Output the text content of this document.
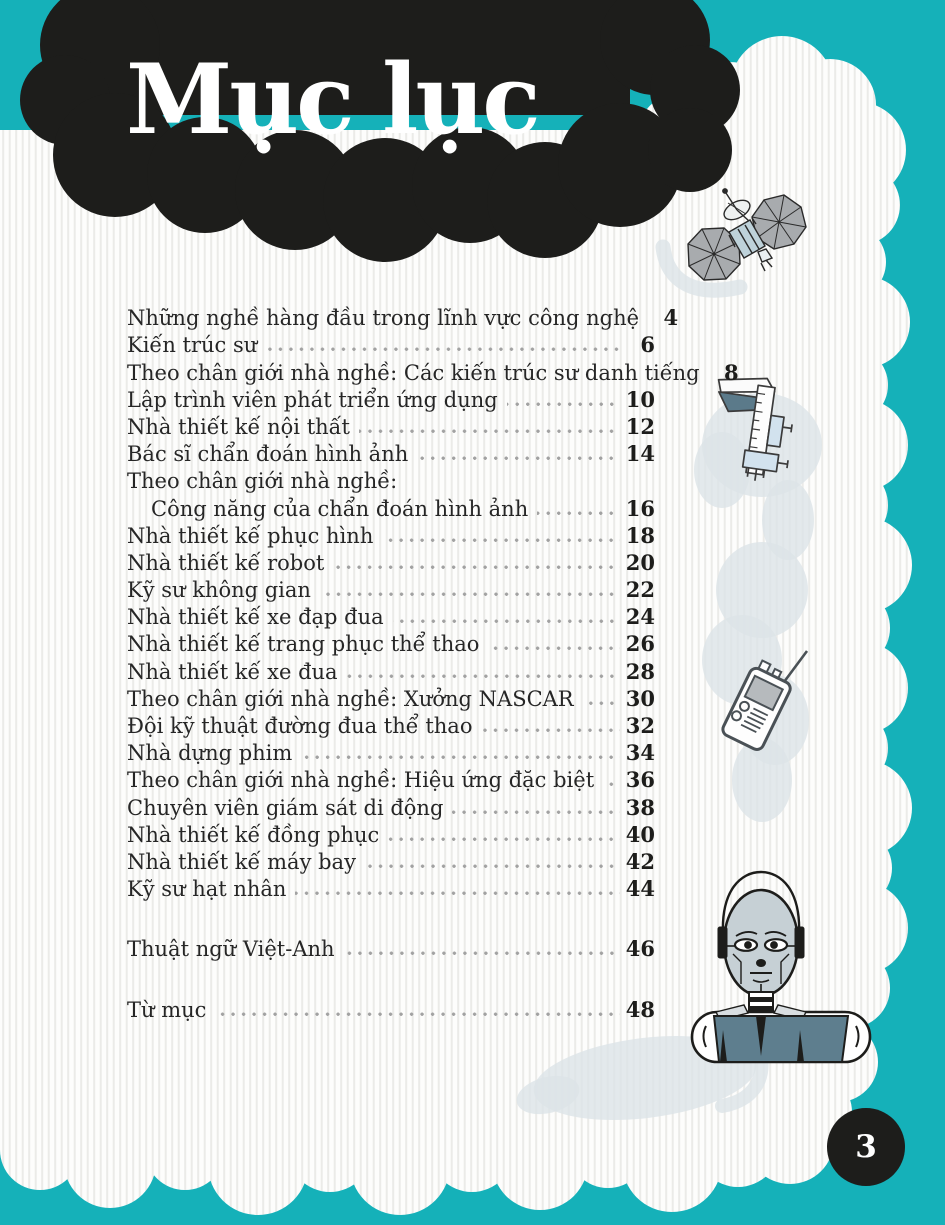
Mục lục
Những nghề hàng đầu trong lĩnh vực công nghệ	4
Kiến trúc sư	6
Theo chân giới nhà nghề: Các kiến trúc sư danh tiếng	8
Lập trình viên phát triển ứng dụng	10
Nhà thiết kế nội thất	12
Bác sĩ chẩn đoán hình ảnh	14
Theo chân giới nhà nghề:
Công năng của chẩn đoán hình ảnh	16
Nhà thiết kế phục hình	18
Nhà thiết kế robot	20
Kỹ sư không gian	22
Nhà thiết kế xe đạp đua	24
Nhà thiết kế trang phục thể thao	26
Nhà thiết kế xe đua	28
Theo chân giới nhà nghề: Xưởng NASCAR 30
Đội kỹ thuật đường đua thể thao	32
Nhà dựng phim	34
Theo chân giới nhà nghề: Hiệu ứng đặc biệt 36
Chuyên viên giám sát di động	38
Nhà thiết kế đồng phục	40
Nhà thiết kế máy bay	42
Kỹ sư hạt nhân	44
Thuật ngữ Việt-Anh	46
Từ mục	48
3
